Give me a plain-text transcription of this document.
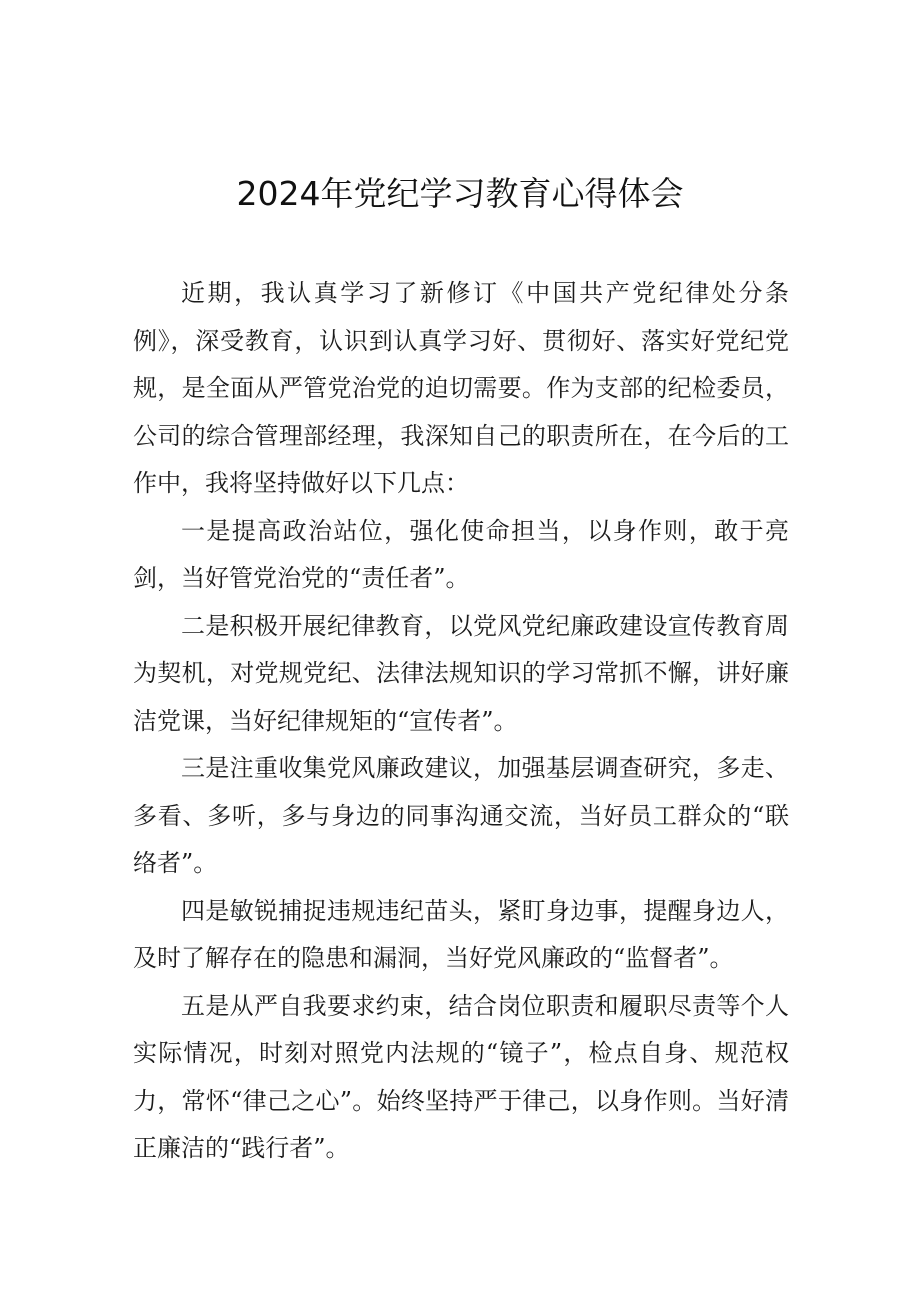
2024年党纪学习教育心得体会

近期，我认真学习了新修订《中国共产党纪律处分条例》，深受教育，认识到认真学习好、贯彻好、落实好党纪党规，是全面从严管党治党的迫切需要。作为支部的纪检委员，公司的综合管理部经理，我深知自己的职责所在，在今后的工作中，我将坚持做好以下几点：

一是提高政治站位，强化使命担当，以身作则，敢于亮剑，当好管党治党的“责任者”。

二是积极开展纪律教育，以党风党纪廉政建设宣传教育周为契机，对党规党纪、法律法规知识的学习常抓不懈，讲好廉洁党课，当好纪律规矩的“宣传者”。

三是注重收集党风廉政建议，加强基层调查研究，多走、多看、多听，多与身边的同事沟通交流，当好员工群众的“联络者”。

四是敏锐捕捉违规违纪苗头，紧盯身边事，提醒身边人，及时了解存在的隐患和漏洞，当好党风廉政的“监督者”。

五是从严自我要求约束，结合岗位职责和履职尽责等个人实际情况，时刻对照党内法规的“镜子”，检点自身、规范权力，常怀“律己之心”。始终坚持严于律己，以身作则。当好清正廉洁的“践行者”。
